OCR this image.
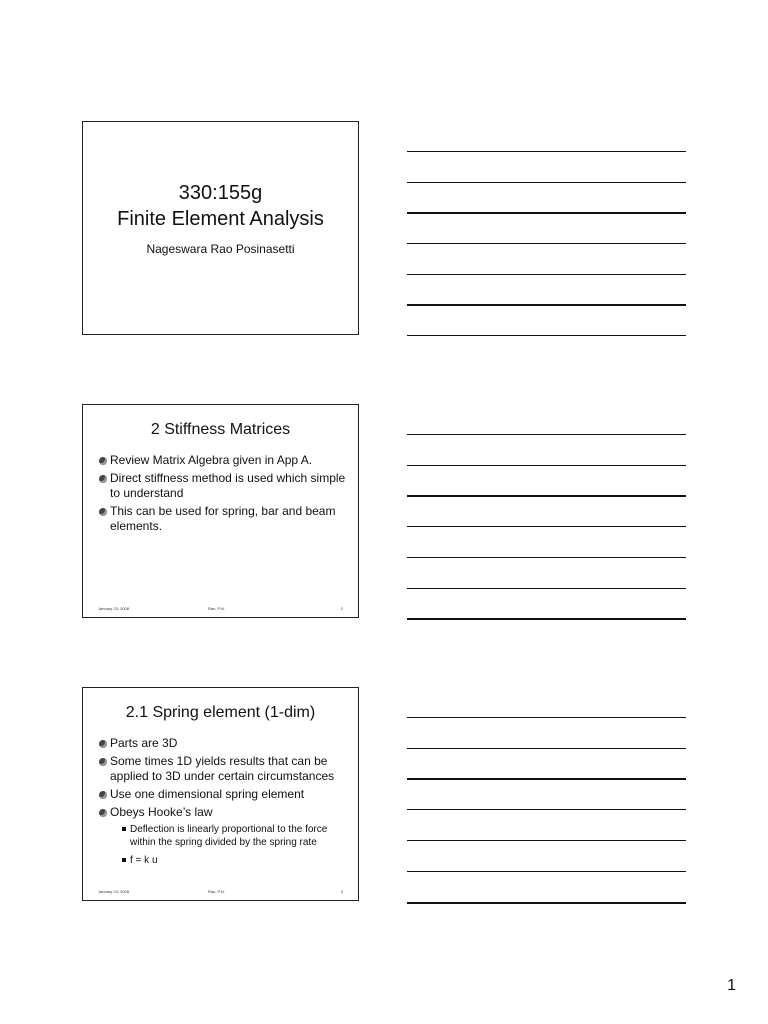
330:155g
Finite Element Analysis
Nageswara Rao Posinasetti
2 Stiffness Matrices
Review Matrix Algebra given in App A.
Direct stiffness method is used which simple to understand
This can be used for spring, bar and beam elements.
January 23, 2008	Rao, P.N.	2
2.1 Spring element (1-dim)
Parts are 3D
Some times 1D yields results that can be applied to 3D under certain circumstances
Use one dimensional spring element
Obeys Hooke’s law
Deflection is linearly proportional to the force within the spring divided by the spring rate
f = k u
January 23, 2008	Rao, P.N.	3
1
